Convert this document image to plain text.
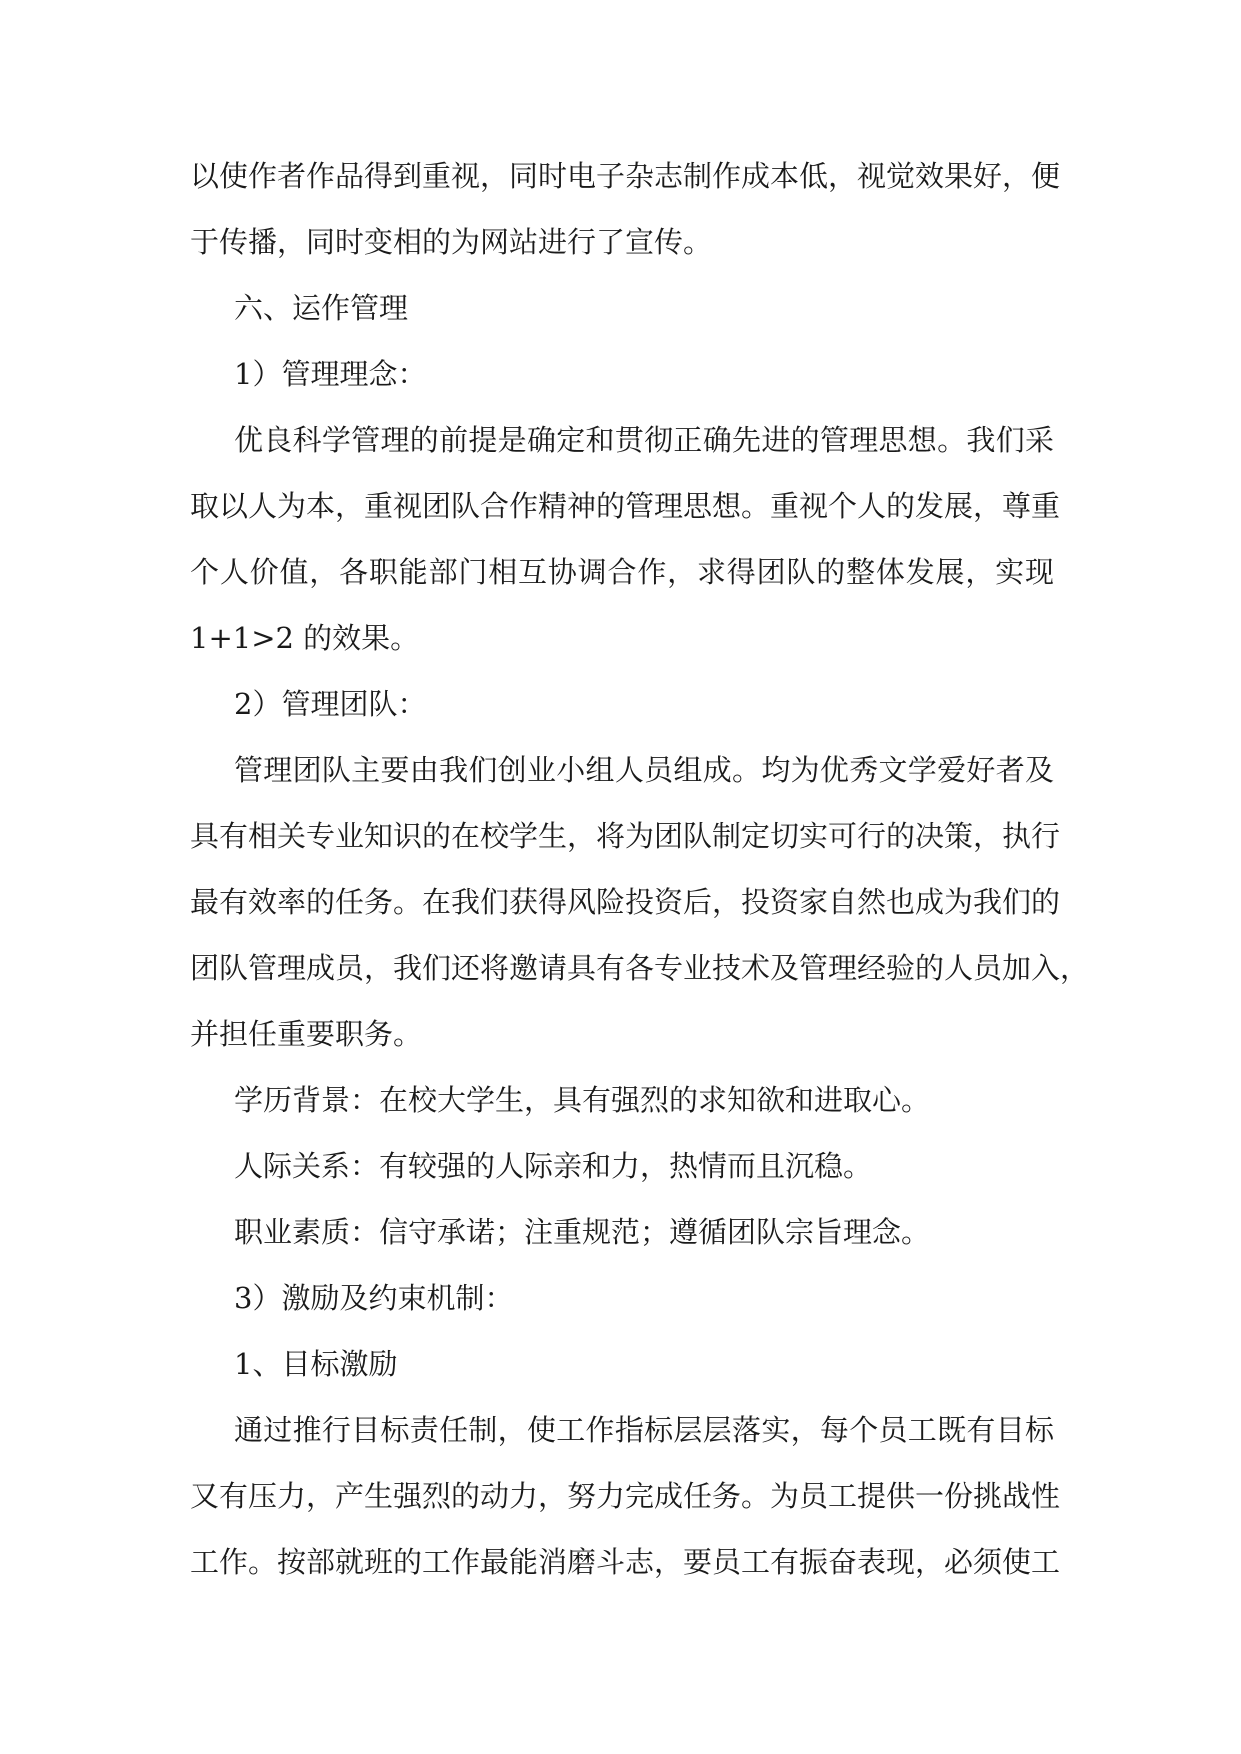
以使作者作品得到重视，同时电子杂志制作成本低，视觉效果好，便
于传播，同时变相的为网站进行了宣传。
六、运作管理
1）管理理念：
优良科学管理的前提是确定和贯彻正确先进的管理思想。我们采
取以人为本，重视团队合作精神的管理思想。重视个人的发展，尊重
个人价值，各职能部门相互协调合作，求得团队的整体发展，实现
1+1>2 的效果。
2）管理团队：
管理团队主要由我们创业小组人员组成。均为优秀文学爱好者及
具有相关专业知识的在校学生，将为团队制定切实可行的决策，执行
最有效率的任务。在我们获得风险投资后，投资家自然也成为我们的
团队管理成员，我们还将邀请具有各专业技术及管理经验的人员加入，
并担任重要职务。
学历背景：在校大学生，具有强烈的求知欲和进取心。
人际关系：有较强的人际亲和力，热情而且沉稳。
职业素质：信守承诺；注重规范；遵循团队宗旨理念。
3）激励及约束机制：
1、目标激励
通过推行目标责任制，使工作指标层层落实，每个员工既有目标
又有压力，产生强烈的动力，努力完成任务。为员工提供一份挑战性
工作。按部就班的工作最能消磨斗志，要员工有振奋表现，必须使工
